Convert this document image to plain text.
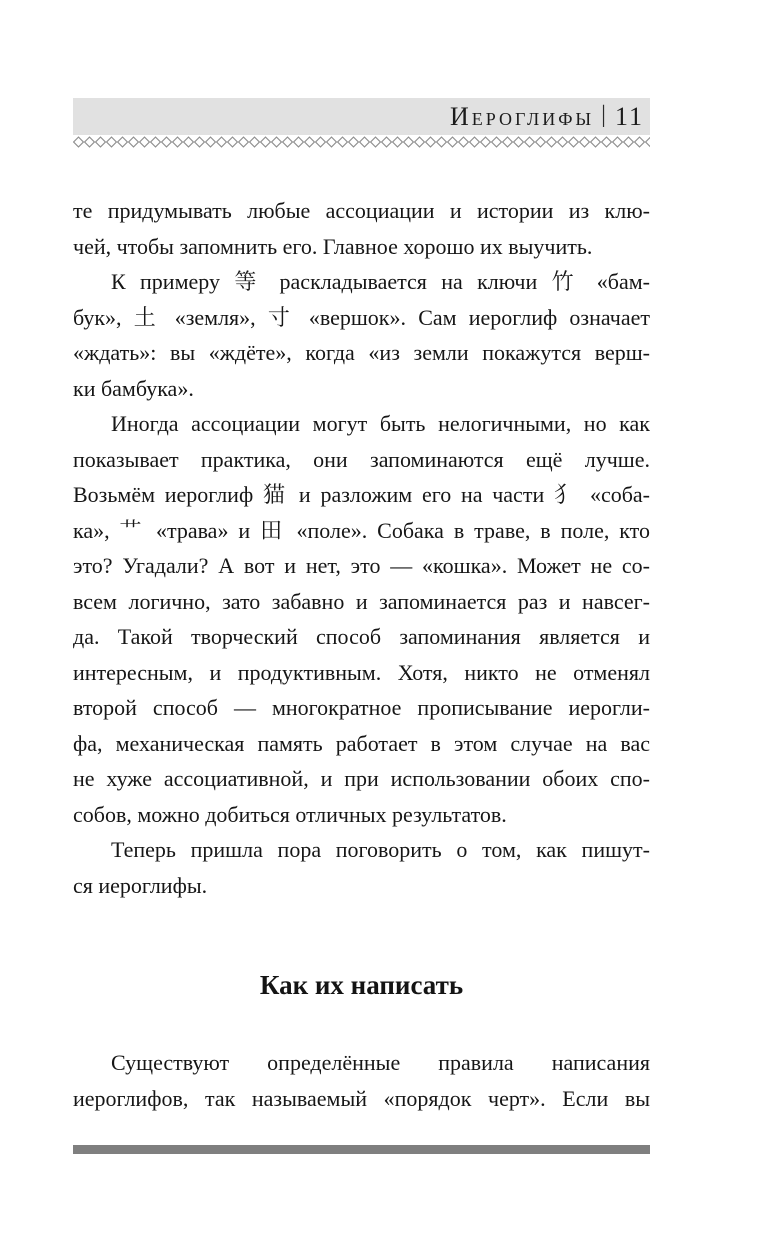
Иероглифы | 11
те придумывать любые ассоциации и истории из клю-
чей, чтобы запомнить его. Главное хорошо их выучить.
К примеру 等 раскладывается на ключи 竹 «бам-
бук», 土 «земля», 寸 «вершок». Сам иероглиф означает
«ждать»: вы «ждёте», когда «из земли покажутся верш-
ки бамбука».
Иногда ассоциации могут быть нелогичными, но как
показывает практика, они запоминаются ещё лучше.
Возьмём иероглиф 猫 и разложим его на части 犭 «соба-
ка», 艹 «трава» и 田 «поле». Собака в траве, в поле, кто
это? Угадали? А вот и нет, это — «кошка». Может не со-
всем логично, зато забавно и запоминается раз и навсег-
да. Такой творческий способ запоминания является и
интересным, и продуктивным. Хотя, никто не отменял
второй способ — многократное прописывание иерогли-
фа, механическая память работает в этом случае на вас
не хуже ассоциативной, и при использовании обоих спо-
собов, можно добиться отличных результатов.
Теперь пришла пора поговорить о том, как пишут-
ся иероглифы.
Как их написать
Существуют определённые правила написания
иероглифов, так называемый «порядок черт». Если вы
